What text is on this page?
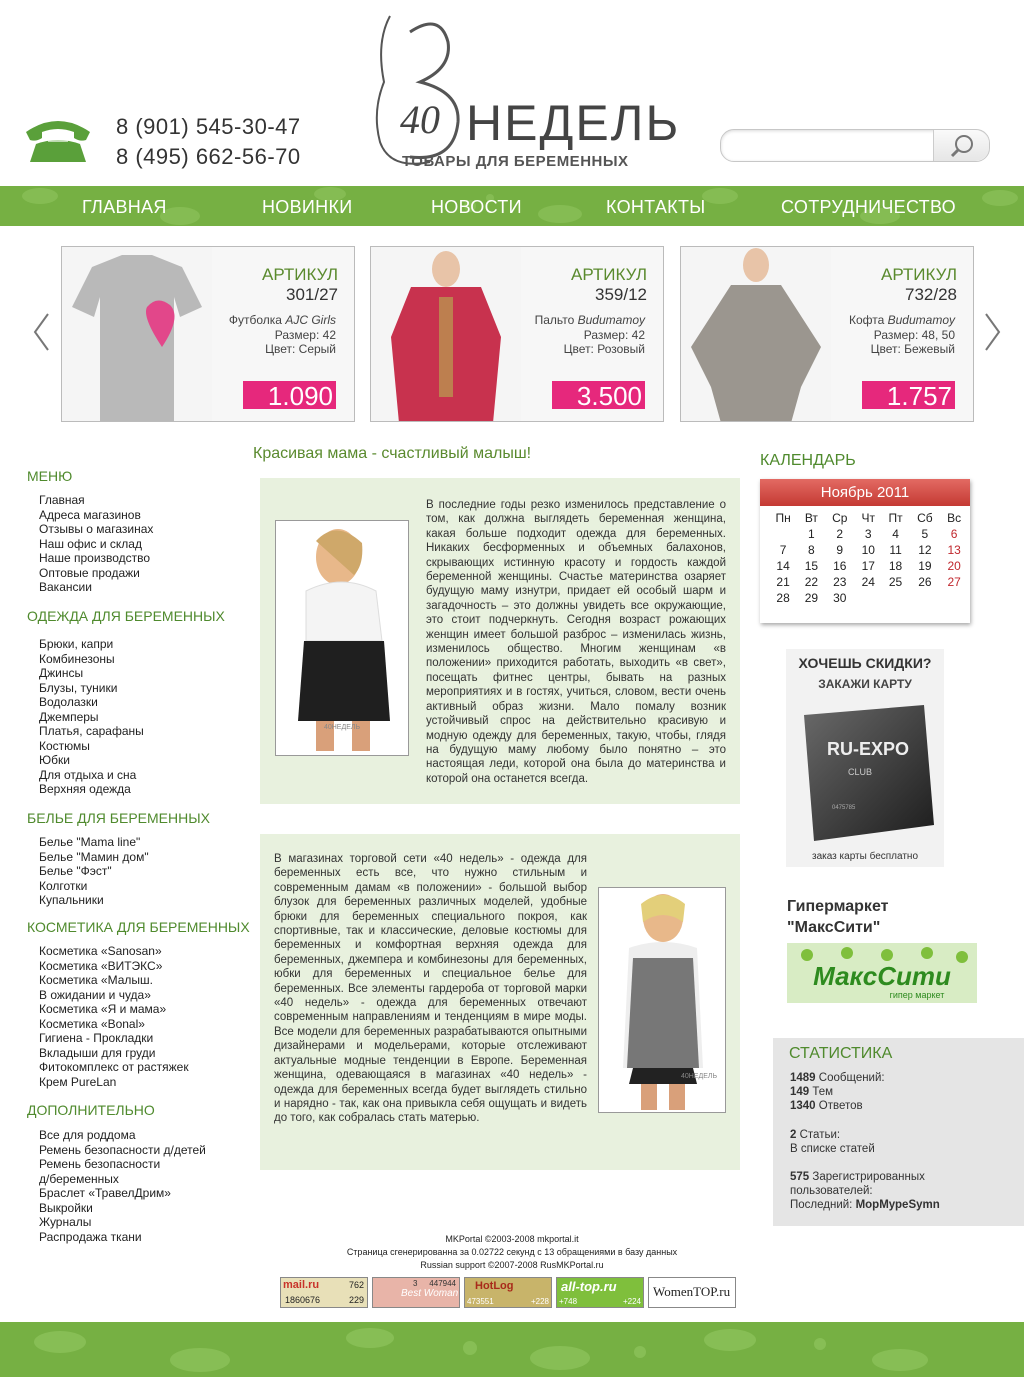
8 (901) 545-30-47
8 (495) 662-56-70
40 НЕДЕЛЬ
ТОВАРЫ ДЛЯ БЕРЕМЕННЫХ
ГЛАВНАЯ	НОВИНКИ	НОВОСТИ	КОНТАКТЫ	СОТРУДНИЧЕСТВО
АРТИКУЛ
301/27
Футболка AJC Girls
Размер: 42
Цвет: Серый
1.090
АРТИКУЛ
359/12
Пальто Budumamoy
Размер: 42
Цвет: Розовый
3.500
АРТИКУЛ
732/28
Кофта Budumamoy
Размер: 48, 50
Цвет: Бежевый
1.757
МЕНЮ
Главная
Адреса магазинов
Отзывы о магазинах
Наш офис и склад
Наше производство
Оптовые продажи
Вакансии
ОДЕЖДА ДЛЯ БЕРЕМЕННЫХ
Брюки, капри
Комбинезоны
Джинсы
Блузы, туники
Водолазки
Джемперы
Платья, сарафаны
Костюмы
Юбки
Для отдыха и сна
Верхняя одежда
БЕЛЬЕ ДЛЯ БЕРЕМЕННЫХ
Белье "Mama line"
Белье "Мамин дом"
Белье "Фэст"
Колготки
Купальники
КОСМЕТИКА ДЛЯ БЕРЕМЕННЫХ
Косметика «Sanosan»
Косметика «ВИТЭКС»
Косметика «Малыш.
В ожидании и чуда»
Косметика «Я и мама»
Косметика «Bonal»
Гигиена - Прокладки
Вкладыши для груди
Фитокомплекс от растяжек
Крем PureLan
ДОПОЛНИТЕЛЬНО
Все для роддома
Ремень безопасности д/детей
Ремень безопасности
д/беременных
Браслет «ТравелДрим»
Выкройки
Журналы
Распродажа ткани
Красивая мама - счастливый малыш!
40НЕДЕЛЬ
В последние годы резко изменилось представление о том, как должна выглядеть беременная женщина, какая больше подходит одежда для беременных. Никаких бесформенных и объемных балахонов, скрывающих истинную красоту и гордость каждой беременной женщины. Счастье материнства озаряет будущую маму изнутри, придает ей особый шарм и загадочность – это должны увидеть все окружающие, это стоит подчеркнуть. Сегодня возраст рожающих женщин имеет большой разброс – изменилась жизнь, изменилось общество. Многим женщинам «в положении» приходится работать, выходить «в свет», посещать фитнес центры, бывать на разных мероприятиях и в гостях, учиться, словом, вести очень активный образ жизни. Мало помалу возник устойчивый спрос на действительно красивую и модную одежду для беременных, такую, чтобы, глядя на будущую маму любому было понятно – это настоящая леди, которой она была до материнства и которой она останется всегда.
В магазинах торговой сети «40 недель» - одежда для беременных есть все, что нужно стильным и современным дамам «в положении» - большой выбор блузок для беременных различных моделей, удобные брюки для беременных специального покроя, как спортивные, так и классические, деловые костюмы для беременных и комфортная верхняя одежда для беременных, джемпера и комбинезоны для беременных, юбки для беременных и специальное белье для беременных. Все элементы гардероба от торговой марки «40 недель» - одежда для беременных отвечают современным направлениям и тенденциям в мире моды. Все модели для беременных разрабатываются опытными дизайнерами и модельерами, которые отслеживают актуальные модные тенденции в Европе. Беременная женщина, одевающаяся в магазинах «40 недель» - одежда для беременных всегда будет выглядеть стильно и нарядно - так, как она привыкла себя ощущать и видеть до того, как собралась стать матерью.
40НЕДЕЛЬ
КАЛЕНДАРЬ
Ноябрь 2011
Пн	Вт	Ср	Чт	Пт	Сб	Вс
	1	2	3	4	5	6
7	8	9	10	11	12	13
14	15	16	17	18	19	20
21	22	23	24	25	26	27
28	29	30				
ХОЧЕШЬ СКИДКИ?
ЗАКАЖИ КАРТУ
RU-EXPO
CLUB
0475785
заказ карты бесплатно
Гипермаркет
"МаксСити"
МаксСити
гипер маркет
СТАТИСТИКА
1489 Сообщений:
149 Тем
1340 Ответов
2 Статьи:
В списке статей
575 Зарегистрированных
пользователей:
Последний: МорМуреSymn
MKPortal ©2003-2008 mkportal.it
Страница сгенерированна за 0.02722 секунд с 13 обращениями в базу данных
Russian support ©2007-2008 RusMKPortal.ru
mail.ru	762
1860676	229
Best Woman
447944
3	HotLog
473551	+228
all-top.ru
+748	+224
WomenTOP.ru
